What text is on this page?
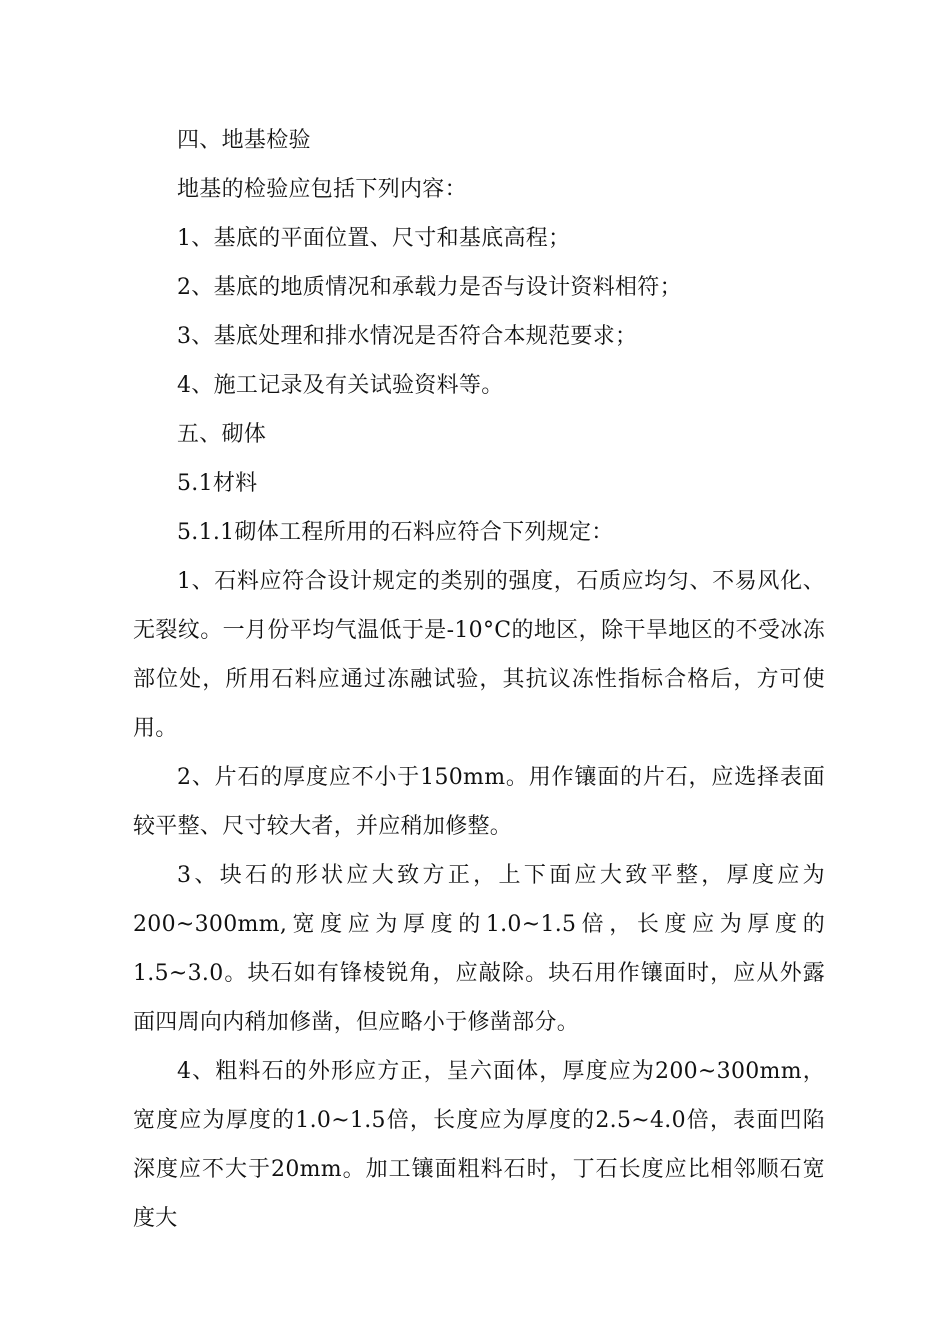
四、地基检验

地基的检验应包括下列内容：

1、基底的平面位置、尺寸和基底高程；

2、基底的地质情况和承载力是否与设计资料相符；

3、基底处理和排水情况是否符合本规范要求；

4、施工记录及有关试验资料等。

五、砌体

5.1材料

5.1.1砌体工程所用的石料应符合下列规定：

1、石料应符合设计规定的类别的强度，石质应均匀、不易风化、无裂纹。一月份平均气温低于是-10°C的地区，除干旱地区的不受冰冻部位处，所用石料应通过冻融试验，其抗议冻性指标合格后，方可使用。

2、片石的厚度应不小于150mm。用作镶面的片石，应选择表面较平整、尺寸较大者，并应稍加修整。

3、块石的形状应大致方正，上下面应大致平整，厚度应为200~300mm,宽度应为厚度的1.0~1.5倍，长度应为厚度的1.5~3.0。块石如有锋棱锐角，应敲除。块石用作镶面时，应从外露面四周向内稍加修凿，但应略小于修凿部分。

4、粗料石的外形应方正，呈六面体，厚度应为200~300mm，宽度应为厚度的1.0~1.5倍，长度应为厚度的2.5~4.0倍，表面凹陷深度应不大于20mm。加工镶面粗料石时，丁石长度应比相邻顺石宽度大
